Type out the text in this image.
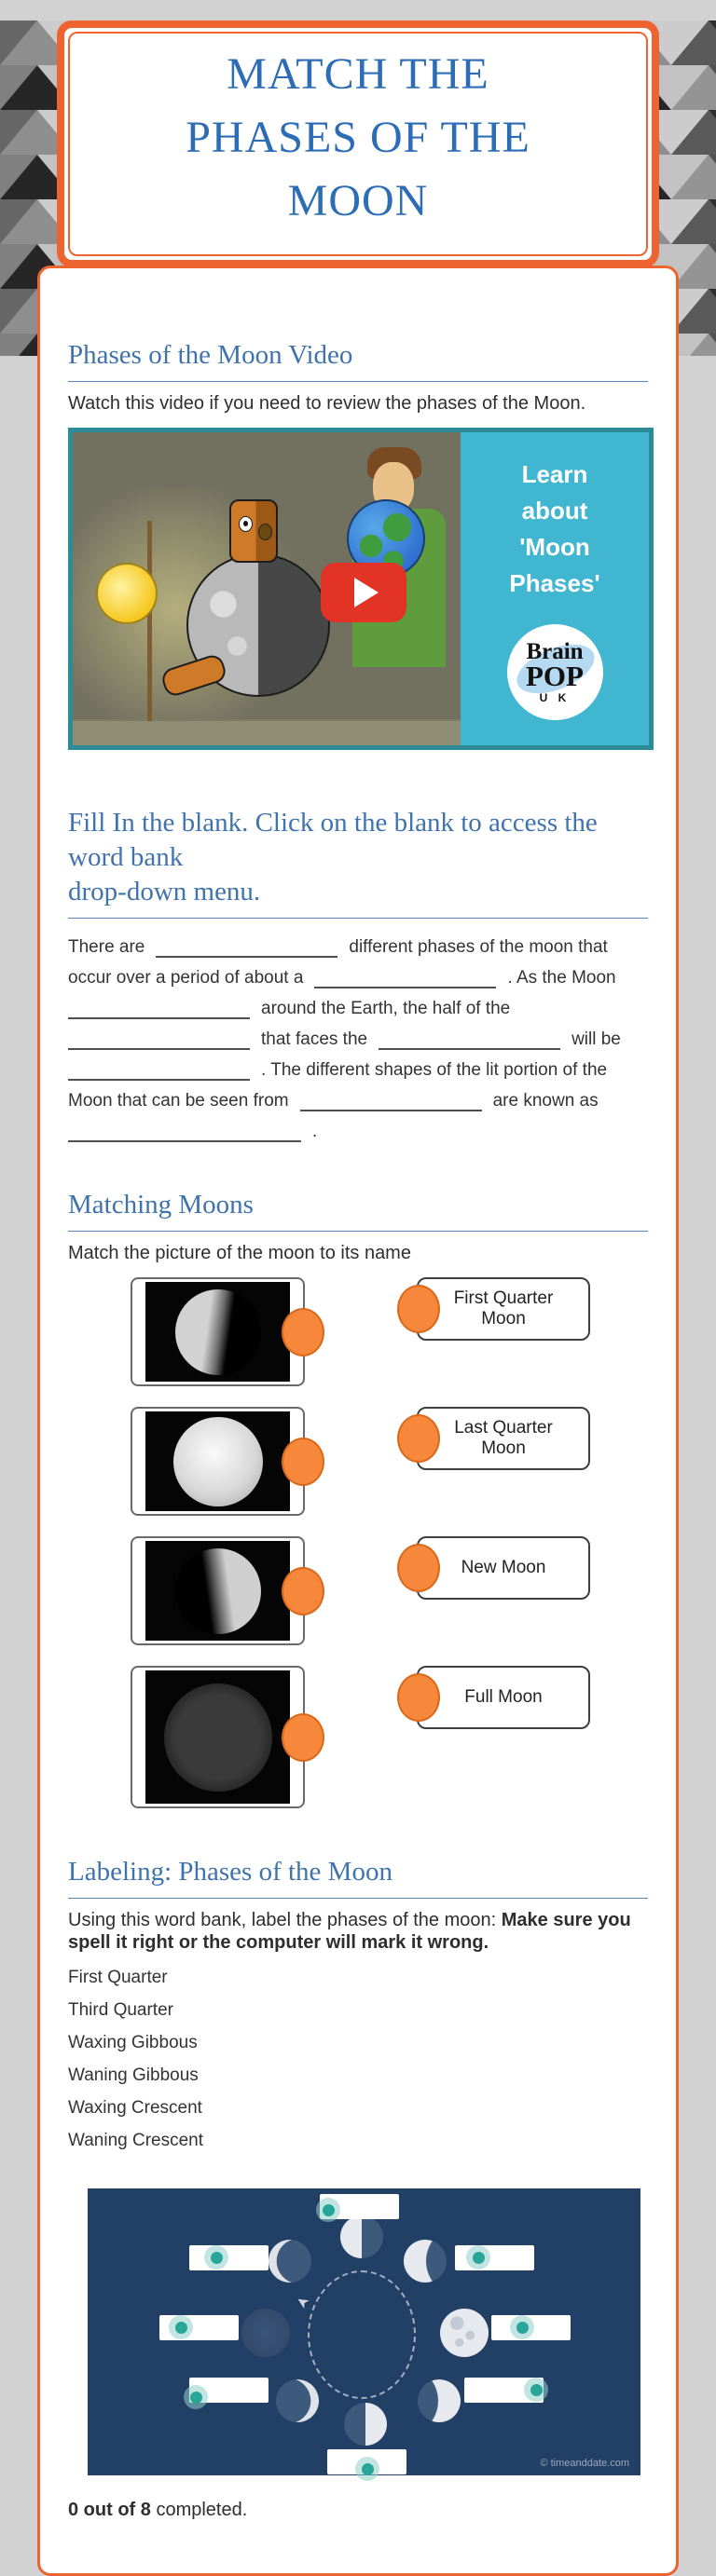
MATCH THE
PHASES OF THE
MOON
Phases of the Moon Video

Watch this video if you need to review the phases of the Moon.

Learn
about
'Moon
Phases'
Brain
POP
U K
Fill In the blank. Click on the blank to access the word bank
drop-down menu.
There are	different phases of the moon that
occur over a period of about a	. As the Moon
around the Earth, the half of the
that faces the	will be
. The different shapes of the lit portion of the
Moon that can be seen from	are known as
.
Matching Moons

Match the picture of the moon to its name

First Quarter Moon
Last Quarter Moon
New Moon
Full Moon
Labeling: Phases of the Moon

Using this word bank, label the phases of the moon: Make sure you spell it right or the computer will mark it wrong.

First Quarter
Third Quarter
Waxing Gibbous
Waning Gibbous
Waxing Crescent
Waning Crescent
➤
© timeanddate.com

0 out of 8 completed.
